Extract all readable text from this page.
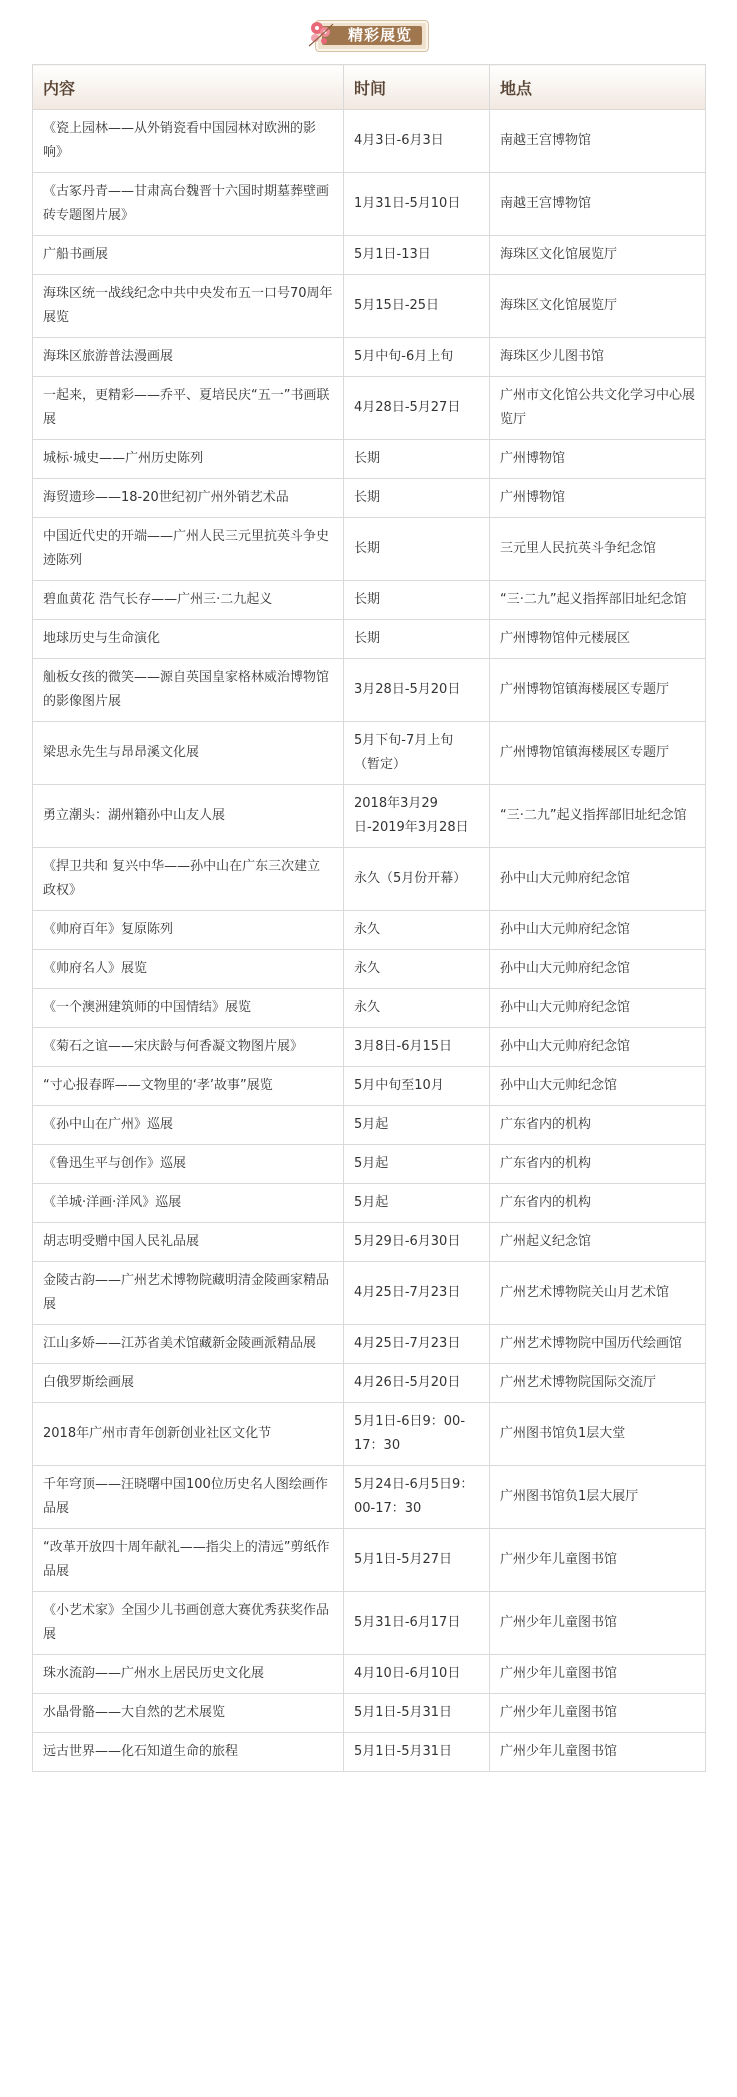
精彩展览
内容	时间	地点
《瓷上园林——从外销瓷看中国园林对欧洲的影响》	4月3日-6月3日	南越王宫博物馆
《古冢丹青——甘肃高台魏晋十六国时期墓葬壁画砖专题图片展》	1月31日-5月10日	南越王宫博物馆
广船书画展	5月1日-13日	海珠区文化馆展览厅
海珠区统一战线纪念中共中央发布五一口号70周年展览	5月15日-25日	海珠区文化馆展览厅
海珠区旅游普法漫画展	5月中旬-6月上旬	海珠区少儿图书馆
一起来，更精彩——乔平、夏培民庆“五一”书画联展	4月28日-5月27日	广州市文化馆公共文化学习中心展览厅
城标·城史——广州历史陈列	长期	广州博物馆
海贸遗珍——18-20世纪初广州外销艺术品	长期	广州博物馆
中国近代史的开端——广州人民三元里抗英斗争史迹陈列	长期	三元里人民抗英斗争纪念馆
碧血黄花 浩气长存——广州三·二九起义	长期	“三·二九”起义指挥部旧址纪念馆
地球历史与生命演化	长期	广州博物馆仲元楼展区
舢板女孩的微笑——源自英国皇家格林威治博物馆的影像图片展	3月28日-5月20日	广州博物馆镇海楼展区专题厅
梁思永先生与昂昂溪文化展	5月下旬-7月上旬（暂定）	广州博物馆镇海楼展区专题厅
勇立潮头：湖州籍孙中山友人展	2018年3月29日-2019年3月28日	“三·二九”起义指挥部旧址纪念馆
《捍卫共和 复兴中华——孙中山在广东三次建立政权》	永久（5月份开幕）	孙中山大元帅府纪念馆
《帅府百年》复原陈列	永久	孙中山大元帅府纪念馆
《帅府名人》展览	永久	孙中山大元帅府纪念馆
《一个澳洲建筑师的中国情结》展览	永久	孙中山大元帅府纪念馆
《菊石之谊——宋庆龄与何香凝文物图片展》	3月8日-6月15日	孙中山大元帅府纪念馆
“寸心报春晖——文物里的‘孝’故事”展览	5月中旬至10月	孙中山大元帅纪念馆
《孙中山在广州》巡展	5月起	广东省内的机构
《鲁迅生平与创作》巡展	5月起	广东省内的机构
《羊城·洋画·洋风》巡展	5月起	广东省内的机构
胡志明受赠中国人民礼品展	5月29日-6月30日	广州起义纪念馆
金陵古韵——广州艺术博物院藏明清金陵画家精品展	4月25日-7月23日	广州艺术博物院关山月艺术馆
江山多娇——江苏省美术馆藏新金陵画派精品展	4月25日-7月23日	广州艺术博物院中国历代绘画馆
白俄罗斯绘画展	4月26日-5月20日	广州艺术博物院国际交流厅
2018年广州市青年创新创业社区文化节	5月1日-6日9：00-17：30	广州图书馆负1层大堂
千年穹顶——汪晓曙中国100位历史名人图绘画作品展	5月24日-6月5日9：00-17：30	广州图书馆负1层大展厅
“改革开放四十周年献礼——指尖上的清远”剪纸作品展	5月1日-5月27日	广州少年儿童图书馆
《小艺术家》全国少儿书画创意大赛优秀获奖作品展	5月31日-6月17日	广州少年儿童图书馆
珠水流韵——广州水上居民历史文化展	4月10日-6月10日	广州少年儿童图书馆
水晶骨骼——大自然的艺术展览	5月1日-5月31日	广州少年儿童图书馆
远古世界——化石知道生命的旅程	5月1日-5月31日	广州少年儿童图书馆
